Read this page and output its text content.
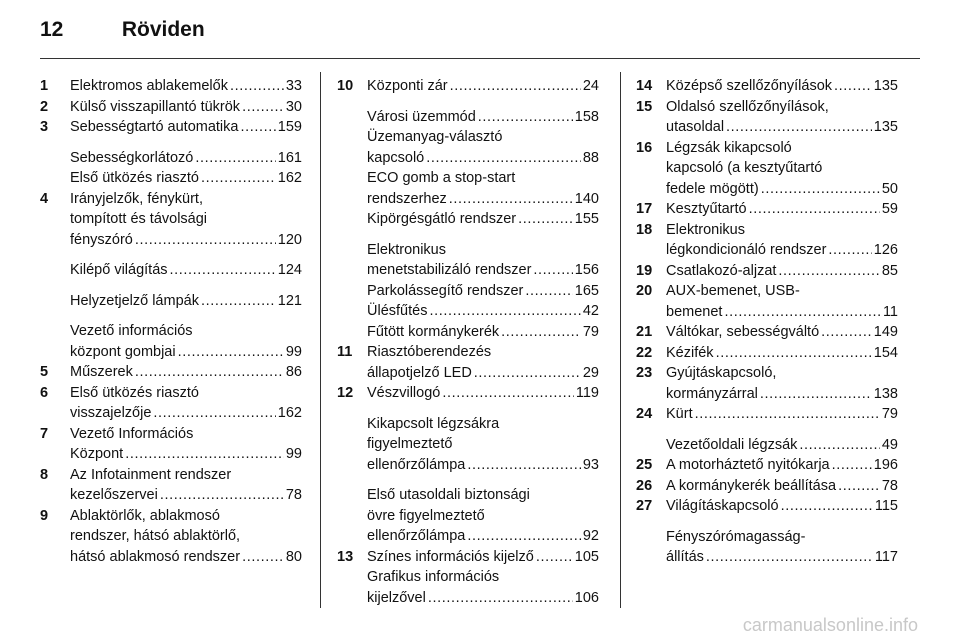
12	Röviden
1	Elektromos ablakemelők .....	33
2	Külső visszapillantó tükrök .....	30
3	Sebességtartó automatika .....	159
Sebességkorlátozó .....	161
Első ütközés riasztó .....	162
4	Irányjelzők, fénykürt,
tompított és távolsági
fényszóró .....	120
Kilépő világítás .....	124
Helyzetjelző lámpák .....	121
Vezető információs
központ gombjai .....	99
5	Műszerek .....	86
6	Első ütközés riasztó
visszajelzője .....	162
7	Vezető Információs
Központ .....	99
8	Az Infotainment rendszer
kezelőszervei .....	78
9	Ablaktörlők, ablakmosó
rendszer, hátsó ablaktörlő,
hátsó ablakmosó rendszer .....	80
10 Központi zár .....	24
Városi üzemmód .....	158
Üzemanyag-választó
kapcsoló .....	88
ECO gomb a stop-start
rendszerhez .....	140
Kipörgésgátló rendszer .....	155
Elektronikus
menetstabilizáló rendszer .....	156
Parkolássegítő rendszer .....	165
Ülésfűtés .....	42
Fűtött kormánykerék .....	79
11	Riasztóberendezés
állapotjelző LED .....	29
12 Vészvillogó .....	119
Kikapcsolt légzsákra
figyelmeztető
ellenőrzőlámpa .....	93
Első utasoldali biztonsági
övre figyelmeztető
ellenőrzőlámpa .....	92
13 Színes információs kijelző .....	105
Grafikus információs
kijelzővel .....	106
14 Középső szellőzőnyílások .....	135
15 Oldalsó szellőzőnyílások,
utasoldal .....	135
16 Légzsák kikapcsoló
kapcsoló (a kesztyűtartó
fedele mögött) .....	50
17 Kesztyűtartó .....	59
18 Elektronikus
légkondicionáló rendszer .....	126
19 Csatlakozó-aljzat .....	85
20 AUX-bemenet, USB-
bemenet .....	11
21 Váltókar, sebességváltó .....	149
22 Kézifék .....	154
23 Gyújtáskapcsoló,
kormányzárral .....	138
24 Kürt .....	79
Vezetőoldali légzsák .....	49
25 A motorháztető nyitókarja .....	196
26 A kormánykerék beállítása .....	78
27 Világításkapcsoló .....	115
Fényszórómagasság-
állítás .....	117
carmanualsonline.info
